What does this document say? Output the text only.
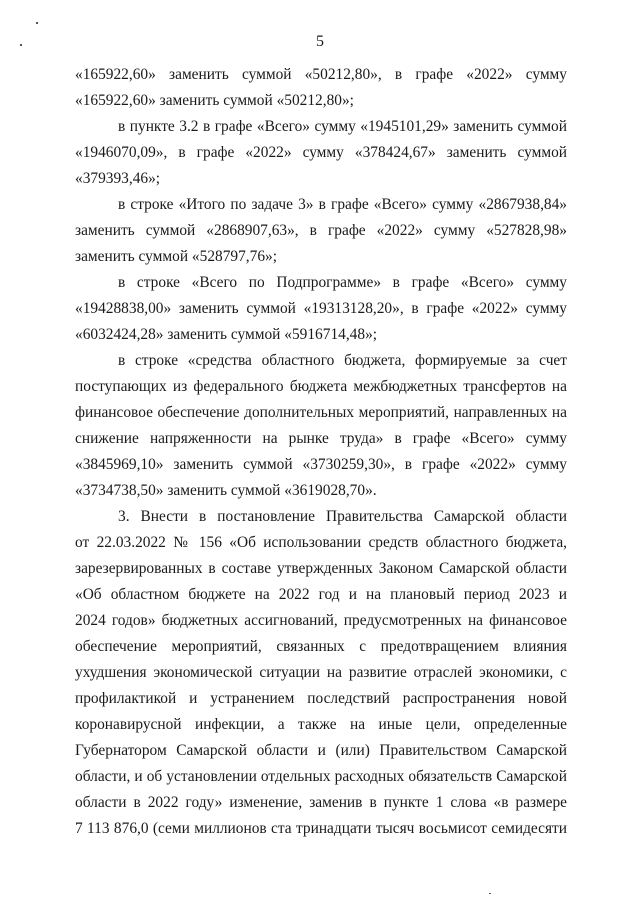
5
«165922,60» заменить суммой «50212,80», в графе «2022» сумму
«165922,60» заменить суммой «50212,80»;
в пункте 3.2 в графе «Всего» сумму «1945101,29» заменить суммой
«1946070,09», в графе «2022» сумму «378424,67» заменить суммой
«379393,46»;
в строке «Итого по задаче 3» в графе «Всего» сумму «2867938,84»
заменить суммой «2868907,63», в графе «2022» сумму «527828,98»
заменить суммой «528797,76»;
в строке «Всего по Подпрограмме» в графе «Всего» сумму
«19428838,00» заменить суммой «19313128,20», в графе «2022» сумму
«6032424,28» заменить суммой «5916714,48»;
в строке «средства областного бюджета, формируемые за счет
поступающих из федерального бюджета межбюджетных трансфертов на
финансовое обеспечение дополнительных мероприятий, направленных на
снижение напряженности на рынке труда» в графе «Всего» сумму
«3845969,10» заменить суммой «3730259,30», в графе «2022» сумму
«3734738,50» заменить суммой «3619028,70».
3. Внести в постановление Правительства Самарской области
от 22.03.2022 № 156 «Об использовании средств областного бюджета,
зарезервированных в составе утвержденных Законом Самарской области
«Об областном бюджете на 2022 год и на плановый период 2023 и
2024 годов» бюджетных ассигнований, предусмотренных на финансовое
обеспечение мероприятий, связанных с предотвращением влияния
ухудшения экономической ситуации на развитие отраслей экономики, с
профилактикой и устранением последствий распространения новой
коронавирусной инфекции, а также на иные цели, определенные
Губернатором Самарской области и (или) Правительством Самарской
области, и об установлении отдельных расходных обязательств Самарской
области в 2022 году» изменение, заменив в пункте 1 слова «в размере
7 113 876,0 (семи миллионов ста тринадцати тысяч восьмисот семидесяти
